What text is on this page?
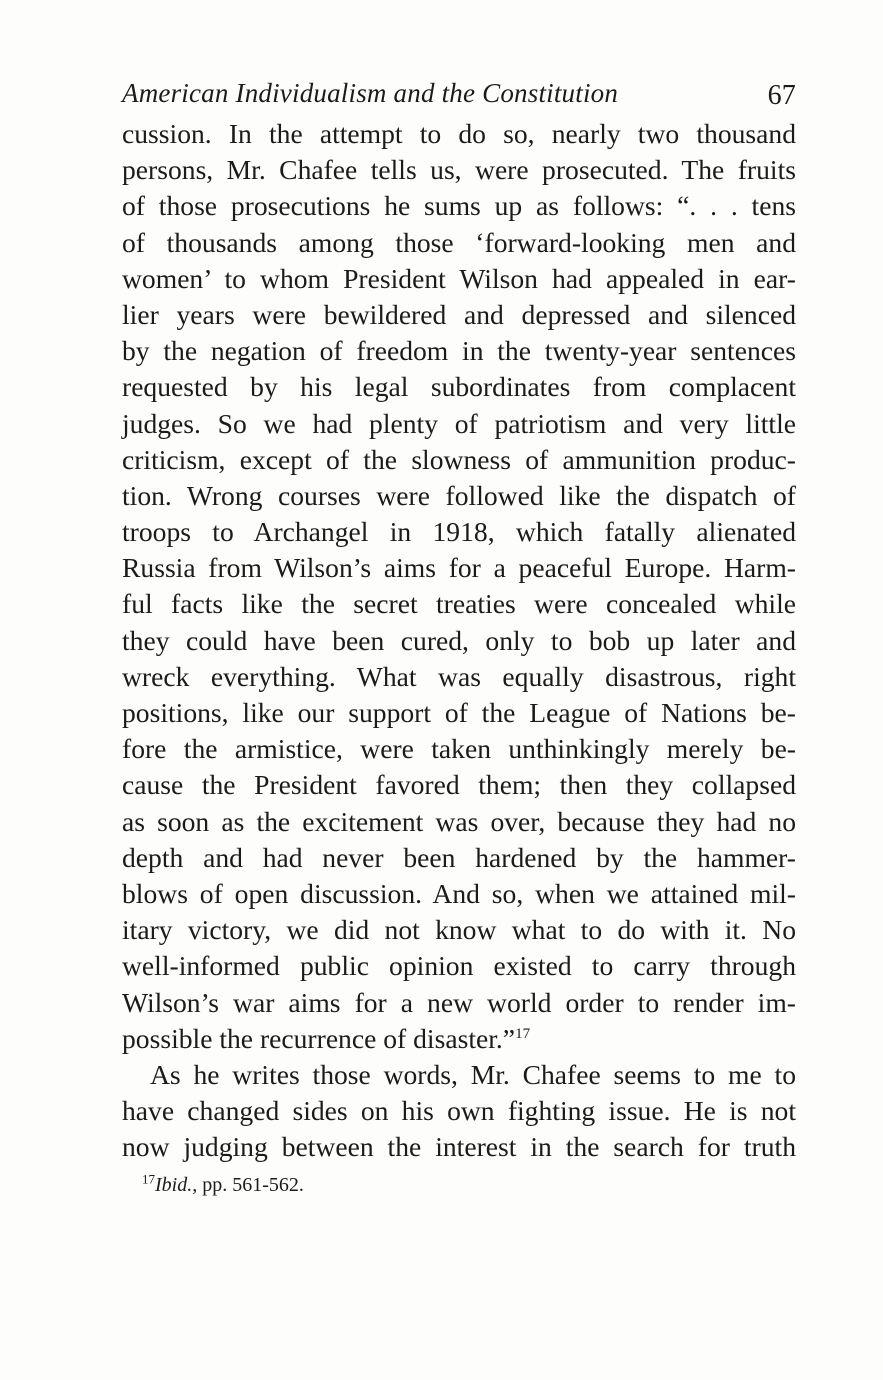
American Individualism and the Constitution	67

cussion. In the attempt to do so, nearly two thousand
persons, Mr. Chafee tells us, were prosecuted. The fruits
of those prosecutions he sums up as follows: “. . . tens
of thousands among those ‘forward-looking men and
women’ to whom President Wilson had appealed in ear-
lier years were bewildered and depressed and silenced
by the negation of freedom in the twenty-year sentences
requested by his legal subordinates from complacent
judges. So we had plenty of patriotism and very little
criticism, except of the slowness of ammunition produc-
tion. Wrong courses were followed like the dispatch of
troops to Archangel in 1918, which fatally alienated
Russia from Wilson’s aims for a peaceful Europe. Harm-
ful facts like the secret treaties were concealed while
they could have been cured, only to bob up later and
wreck everything. What was equally disastrous, right
positions, like our support of the League of Nations be-
fore the armistice, were taken unthinkingly merely be-
cause the President favored them; then they collapsed
as soon as the excitement was over, because they had no
depth and had never been hardened by the hammer-
blows of open discussion. And so, when we attained mil-
itary victory, we did not know what to do with it. No
well-informed public opinion existed to carry through
Wilson’s war aims for a new world order to render im-
possible the recurrence of disaster.”$^{17}$

As he writes those words, Mr. Chafee seems to me to
have changed sides on his own fighting issue. He is not
now judging between the interest in the search for truth

$^{17}$Ibid., pp. 561-562.
